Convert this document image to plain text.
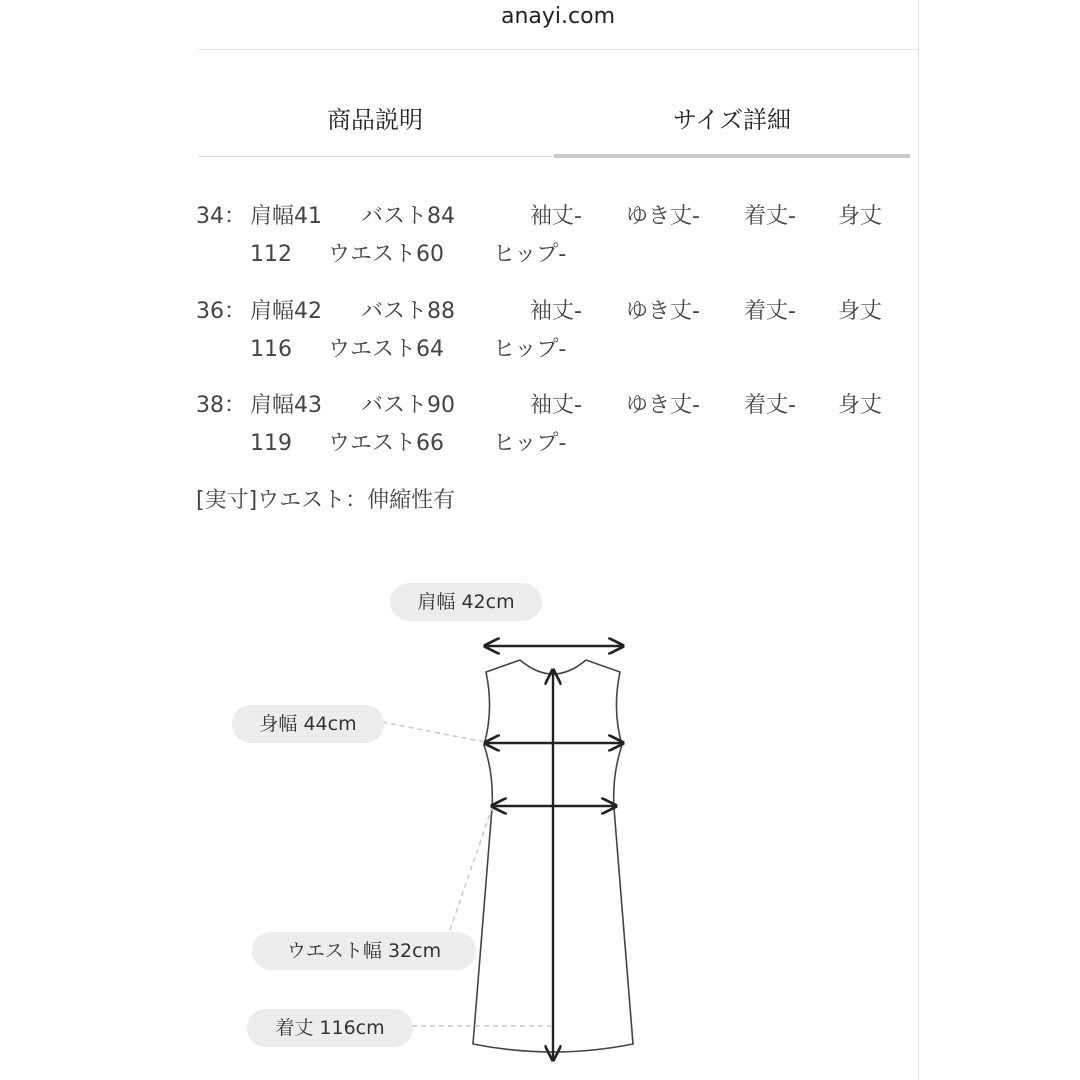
anayi.com
商品説明	サイズ詳細
34： 肩幅41 バスト84	袖丈- ゆき丈- 着丈- 身丈
112 ウエスト60 ヒップ-
36： 肩幅42 バスト88	袖丈- ゆき丈- 着丈- 身丈
116 ウエスト64 ヒップ-
38： 肩幅43 バスト90	袖丈- ゆき丈- 着丈- 身丈
119 ウエスト66 ヒップ-
[実寸]ウエスト：伸縮性有
肩幅 42cm
身幅 44cm
ウエスト幅 32cm
着丈 116cm
